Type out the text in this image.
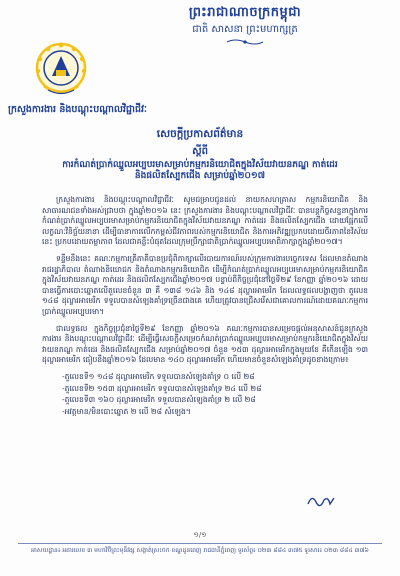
ព្រះរាជាណាចក្រកម្ពុជា
ជាតិ សាសនា ព្រះមហាក្សត្រ
ក្រសួងការងារ និងបណ្តុះបណ្តាលវិជ្ជាជីវៈ
សេចក្តីប្រកាសព័ត៌មាន
ស្តីពី
ការកំណត់ប្រាក់ឈ្នួលអប្បបរមាសម្រាប់កម្មករនិយោជិតក្នុងវិស័យវាយនភណ្ឌ កាត់ដេរ និងផលិតស្បែកជើង សម្រាប់ឆ្នាំ២០១៧

ក្រសួងការងារ និងបណ្តុះបណ្តាលវិជ្ជាជីវៈ សូមជម្រាបជូនដល់ នាយកសហគ្រាស កម្មករនិយោជិត និងសាធារណជនទាំងអស់ជ្រាបថា ក្នុងឆ្នាំ២០១៦ នេះ ក្រសួងការងារ និងបណ្តុះបណ្តាលវិជ្ជាជីវៈ បានបន្តកិច្ចសន្ទនាក្នុងការកំណត់ប្រាក់ឈ្នួលអប្បបរមាសម្រាប់កម្មករនិយោជិតក្នុងវិស័យវាយនភណ្ឌ កាត់ដេរ និងផលិតស្បែកជើង ដោយផ្អែកលើលក្ខណៈវិនិច្ឆ័យនានា ដើម្បីធានាការលើកកម្ពស់ជីវភាពរបស់កម្មករនិយោជិត និងការអភិវឌ្ឍប្រកបដោយចីរភាពនៃវិស័យនេះ ប្រកបដោយតម្លាភាព ដែលជាគន្លឹះបំផុតដែលក្រុមប្រឹក្សាជាតិប្រាក់ឈ្នួលអប្បបរមាពិភាក្សាក្នុងឆ្នាំ២០១៧។

ទន្ទឹមនឹងនេះ គណៈកម្មការត្រីភាគីបានប្រជុំពិភាក្សាលើរបាយការណ៍របស់ក្រុមការងារបច្ចេកទេស ដែលមានតំណាងរាជរដ្ឋាភិបាល តំណាងនិយោជក និងតំណាងកម្មករនិយោជិត ដើម្បីកំណត់ប្រាក់ឈ្នួលអប្បបរមាសម្រាប់កម្មករនិយោជិតក្នុងវិស័យវាយនភណ្ឌ កាត់ដេរ និងផលិតស្បែកជើងឆ្នាំ២០១៧ បន្ទាប់ពីកិច្ចប្រជុំនៅថ្ងៃទី២៩ ខែកញ្ញា ឆ្នាំ២០១៦ ដោយបានធ្វើការបោះឆ្នោតលើតួលេខចំនួន ៣ គឺ ១៣៨ ១៤៦ និង ១៤៨ ដុល្លារអាមេរិក ដែលលទ្ធផលបង្ហាញថា តួលេខ ១៤៨ ដុល្លារអាមេរិក ទទួលបានសំឡេងគាំទ្រច្រើនជាងគេ ហើយត្រូវបានជ្រើសរើសជាគោលការណ៍ដោយគណៈកម្មការប្រាក់ឈ្នួលអប្បបរមា។

ជាលទ្ធផល ក្នុងកិច្ចប្រជុំនាថ្ងៃទី២៩ ខែកញ្ញា ឆ្នាំ២០១៦ គណៈកម្មការបានសម្រេចផ្ដល់អនុសាសន៍ជូនក្រសួងការងារ និងបណ្តុះបណ្តាលវិជ្ជាជីវៈ ដើម្បីធ្វើសេចក្តីសម្រេចកំណត់ប្រាក់ឈ្នួលអប្បបរមាសម្រាប់កម្មករនិយោជិតក្នុងវិស័យវាយនភណ្ឌ កាត់ដេរ និងផលិតស្បែកជើង សម្រាប់ឆ្នាំ២០១៧ ចំនួន ១៥៣ ដុល្លារអាមេរិកក្នុងមួយខែ គឺកើនឡើង ១៣ ដុល្លារអាមេរិក ធៀបនឹងឆ្នាំ២០១៦ ដែលមាន ១៤០ ដុល្លារអាមេរិក ហើយមានចំនួនសំឡេងគាំទ្រដូចខាងក្រោម៖

-តួលេខទី១ ១៤៨ ដុល្លារអាមេរិក ទទួលបានសំឡេងគាំទ្រ ០ លើ ២៨
-តួលេខទី២ ១៥៣ ដុល្លារអាមេរិក ទទួលបានសំឡេងគាំទ្រ ២៤ លើ ២៨
-តួលេខទី៣ ១៦០ ដុល្លារអាមេរិក ទទួលបានសំឡេងគាំទ្រ ២ លើ ២៨
-អវត្តមាន/មិនបោះឆ្នោត ២ លើ ២៨ សំឡេង។
១/១
អាសយដ្ឋាន៖ អគារលេខ ៣ មហាវិថីព្រះមុនីវង្ស សង្កាត់ស្រះចក ខណ្ឌដូនពេញ រាជធានីភ្នំពេញ ទូរស័ព្ទ៖ ០២៣ ៨៨៤ ៣៧៥ ទូរសារ៖ ០២៣ ៨៨៤ ៣៧៦
